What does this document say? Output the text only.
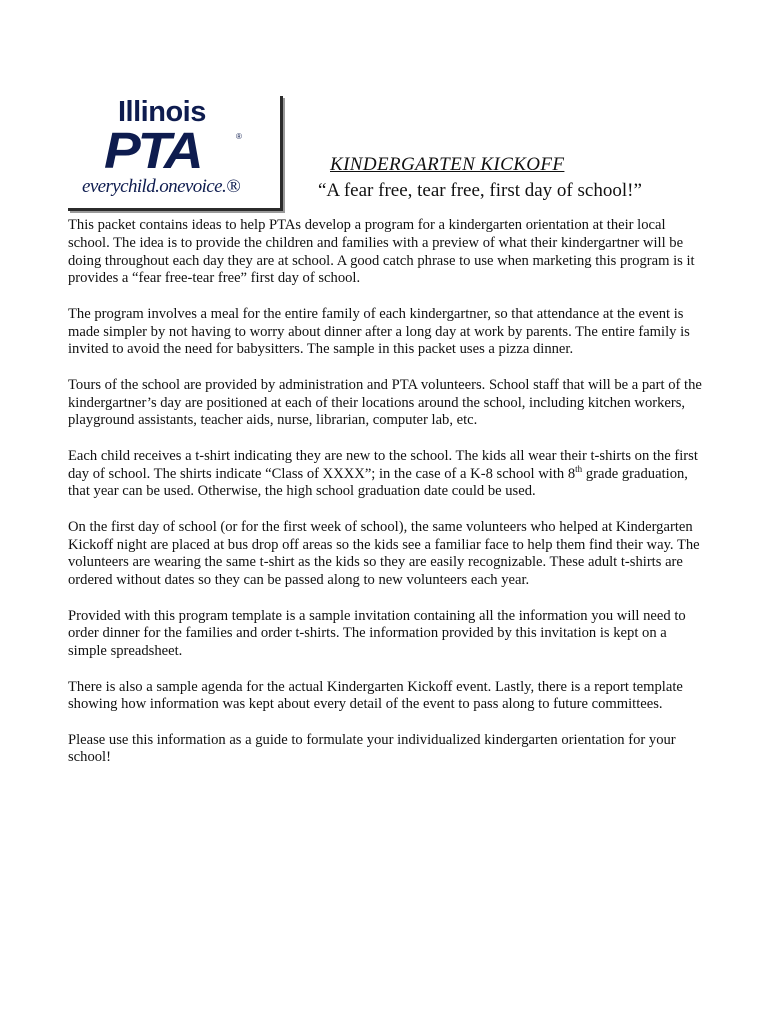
Illinois
PTA	®
everychild.onevoice.®
KINDERGARTEN KICKOFF
“A fear free, tear free, first day of school!”

This packet contains ideas to help PTAs develop a program for a kindergarten orientation at their local school. The idea is to provide the children and families with a preview of what their kindergartner will be doing throughout each day they are at school. A good catch phrase to use when marketing this program is it provides a “fear free-tear free” first day of school.

The program involves a meal for the entire family of each kindergartner, so that attendance at the event is made simpler by not having to worry about dinner after a long day at work by parents. The entire family is invited to avoid the need for babysitters. The sample in this packet uses a pizza dinner.

Tours of the school are provided by administration and PTA volunteers. School staff that will be a part of the kindergartner’s day are positioned at each of their locations around the school, including kitchen workers, playground assistants, teacher aids, nurse, librarian, computer lab, etc.

Each child receives a t-shirt indicating they are new to the school. The kids all wear their t-shirts on the first day of school. The shirts indicate “Class of XXXX”; in the case of a K-8 school with 8th grade graduation, that year can be used. Otherwise, the high school graduation date could be used.

On the first day of school (or for the first week of school), the same volunteers who helped at Kindergarten Kickoff night are placed at bus drop off areas so the kids see a familiar face to help them find their way. The volunteers are wearing the same t-shirt as the kids so they are easily recognizable. These adult t-shirts are ordered without dates so they can be passed along to new volunteers each year.

Provided with this program template is a sample invitation containing all the information you will need to order dinner for the families and order t-shirts. The information provided by this invitation is kept on a simple spreadsheet.

There is also a sample agenda for the actual Kindergarten Kickoff event. Lastly, there is a report template showing how information was kept about every detail of the event to pass along to future committees.

Please use this information as a guide to formulate your individualized kindergarten orientation for your school!
